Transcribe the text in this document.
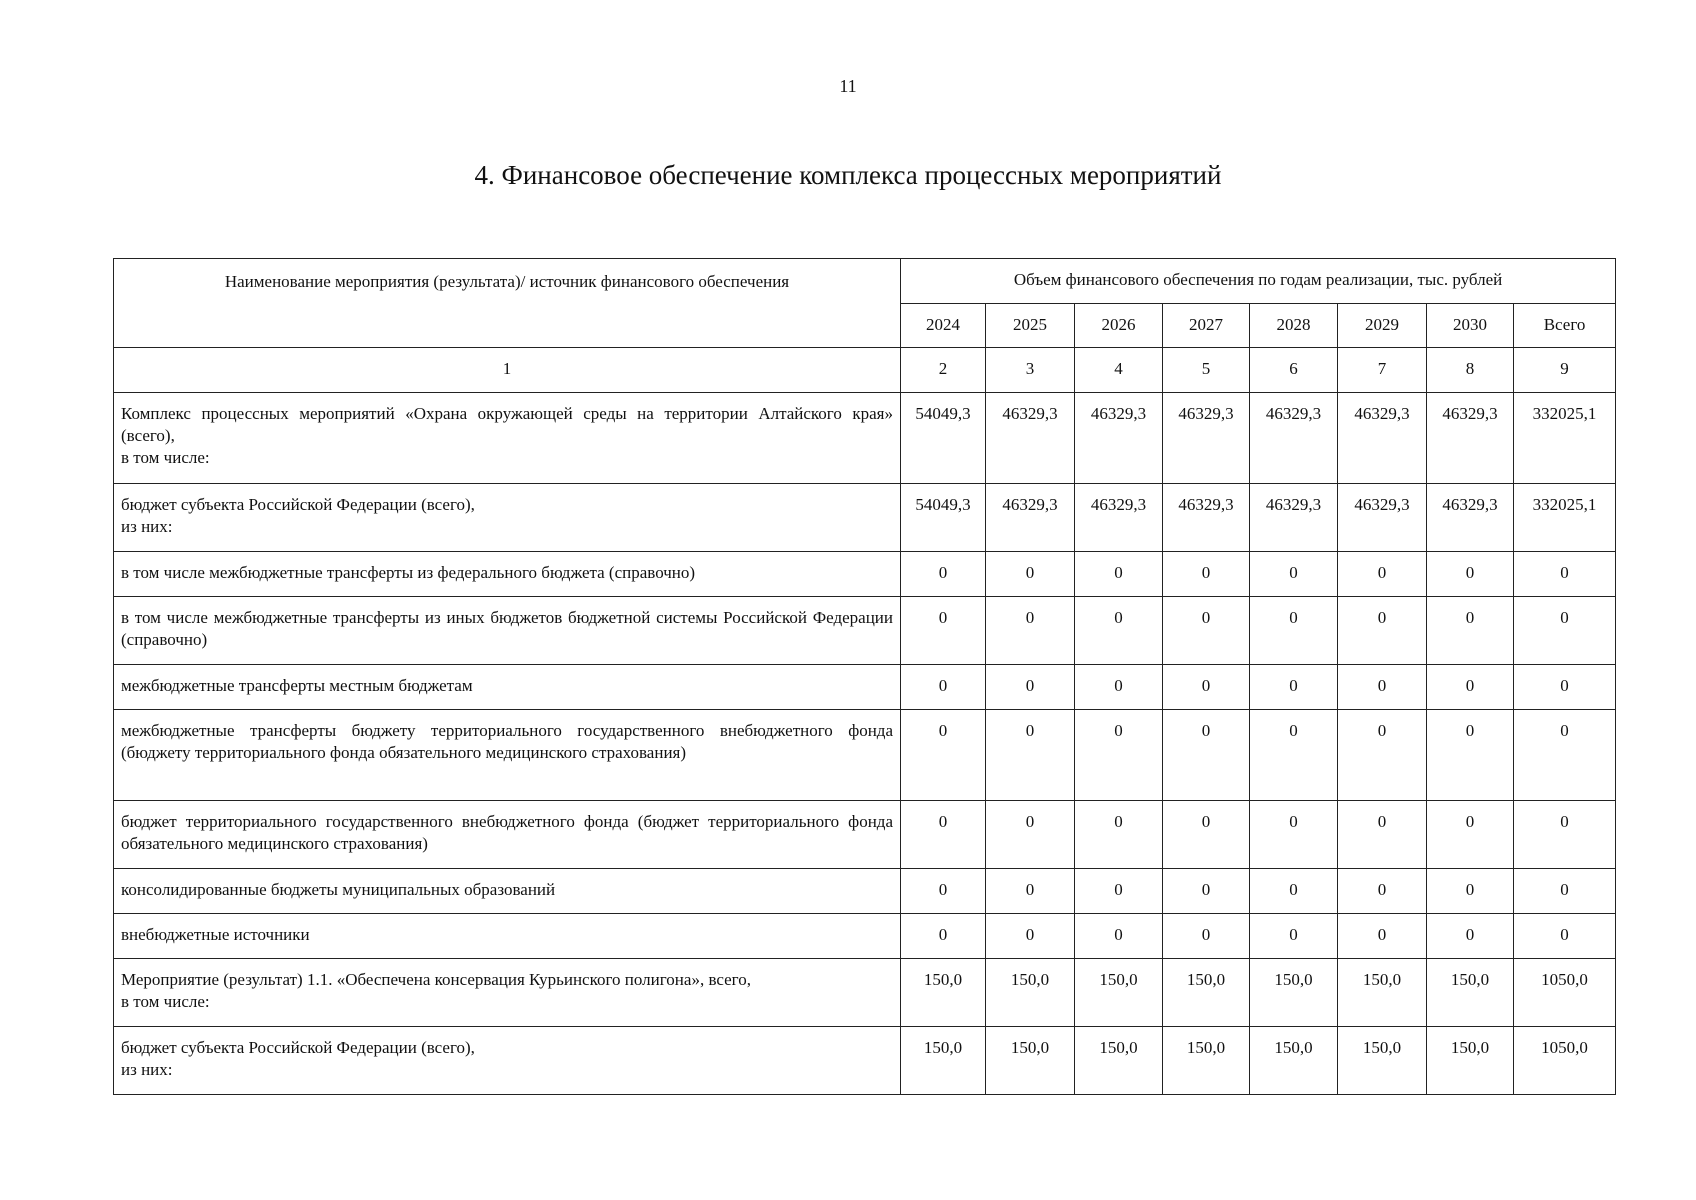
11
4. Финансовое обеспечение комплекса процессных мероприятий
Наименование мероприятия (результата)/ источник финансового обеспечения	Объем финансового обеспечения по годам реализации, тыс. рублей							
	2024	2025	2026	2027	2028	2029	2030	Всего
1	2	3	4	5	6	7	8	9
Комплекс процессных мероприятий «Охрана окружающей среды на территории Алтайского края» (всего),
в том числе:	54049,3	46329,3	46329,3	46329,3	46329,3	46329,3	46329,3	332025,1
бюджет субъекта Российской Федерации (всего),
из них:	54049,3	46329,3	46329,3	46329,3	46329,3	46329,3	46329,3	332025,1
в том числе межбюджетные трансферты из федерального бюджета (справочно)	0	0	0	0	0	0	0	0
в том числе межбюджетные трансферты из иных бюджетов бюджетной системы Российской Федерации (справочно)	0	0	0	0	0	0	0	0
межбюджетные трансферты местным бюджетам	0	0	0	0	0	0	0	0
межбюджетные трансферты бюджету территориального государственного внебюджетного фонда (бюджету территориального фонда обязательного медицинского страхования)	0	0	0	0	0	0	0	0
бюджет территориального государственного внебюджетного фонда (бюджет территориального фонда обязательного медицинского страхования)	0	0	0	0	0	0	0	0
консолидированные бюджеты муниципальных образований	0	0	0	0	0	0	0	0
внебюджетные источники	0	0	0	0	0	0	0	0
Мероприятие (результат) 1.1. «Обеспечена консервация Курьинского полигона», всего,
в том числе:	150,0	150,0	150,0	150,0	150,0	150,0	150,0	1050,0
бюджет субъекта Российской Федерации (всего),
из них:	150,0	150,0	150,0	150,0	150,0	150,0	150,0	1050,0
